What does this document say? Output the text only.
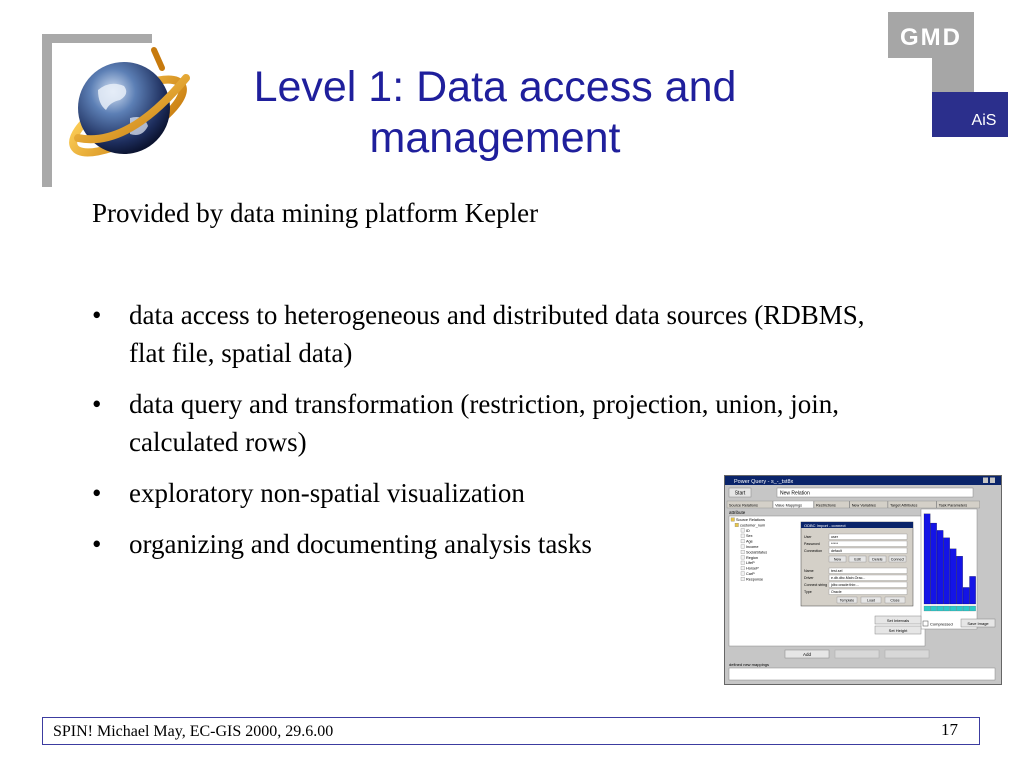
Level 1: Data access and management
GMD
AiS
Provided by data mining platform Kepler
• data access to heterogeneous and distributed data sources (RDBMS, flat file, spatial data)
• data query and transformation (restriction, projection, union, join, calculated rows)
• exploratory non-spatial visualization
• organizing and documenting analysis tasks
Power Query - s_-_tst8x
Start	New Relation
Source Relations	Value Mappings	Restrictions	New Variables	Target Attributes	Task Parameters
attribute
Source Relations
customer_num
ID
Sex
Age
Income
SocialStatus
Region
LifeP
HorseP
CarP
Response
ODBC Import - connect
User	user
Password	*****
Connection default
New	Edit	Delete Connect
Name	test.sel
Driver	e.db.dbc.Main.Orac...
Connect string jdbc:oracle:thin:...
Type	Oracle
Template	Load	Close
Set Intervals
Set Height
Compressed	Save Image
Add
defined new mappings
SPIN! Michael May, EC-GIS 2000, 29.6.00	17
